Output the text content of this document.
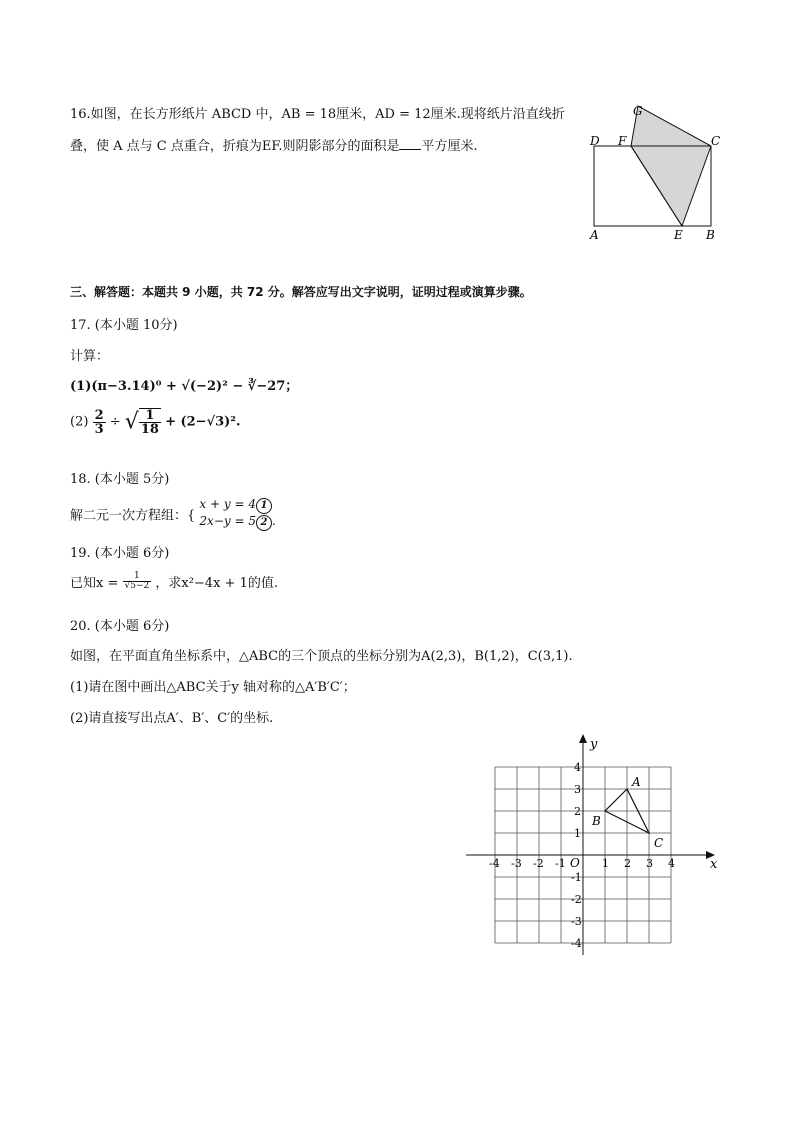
16.如图，在长方形纸片 ABCD 中，AB = 18厘米，AD = 12厘米.现将纸片沿直线折
叠，使 A 点与 C 点重合，折痕为EF.则阴影部分的面积是 平方厘米.
G
D F	C
A	E B
三、解答题：本题共 9 小题，共 72 分。解答应写出文字说明，证明过程或演算步骤。
17. (本小题 10分)
计算：
(1)(π−3.14)⁰ + √(−2)² − ∛−27；
$(2) \frac{2}{3}$ ÷ √ $\frac{1}{18} + (2-√3)^2$.
18. (本小题 5分)
解二元一次方程组：{
x + y = 4 1
2x−y = 5 2 .
19. (本小题 6分)
已知$x = \frac{1}{√5-2}$ ，求x²−4x + 1的值.
20. (本小题 6分)
如图，在平面直角坐标系中，△ABC的三个顶点的坐标分别为A(2,3)，B(1,2)，C(3,1).
(1)请在图中画出△ABC关于y 轴对称的△A′B′C′；
(2)请直接写出点A′、B′、C′的坐标.
x
y
O
-4 -3 -2 -1	1 2 3 4
4
3
2
1
-1
-2
-3
-4
A
B
C
